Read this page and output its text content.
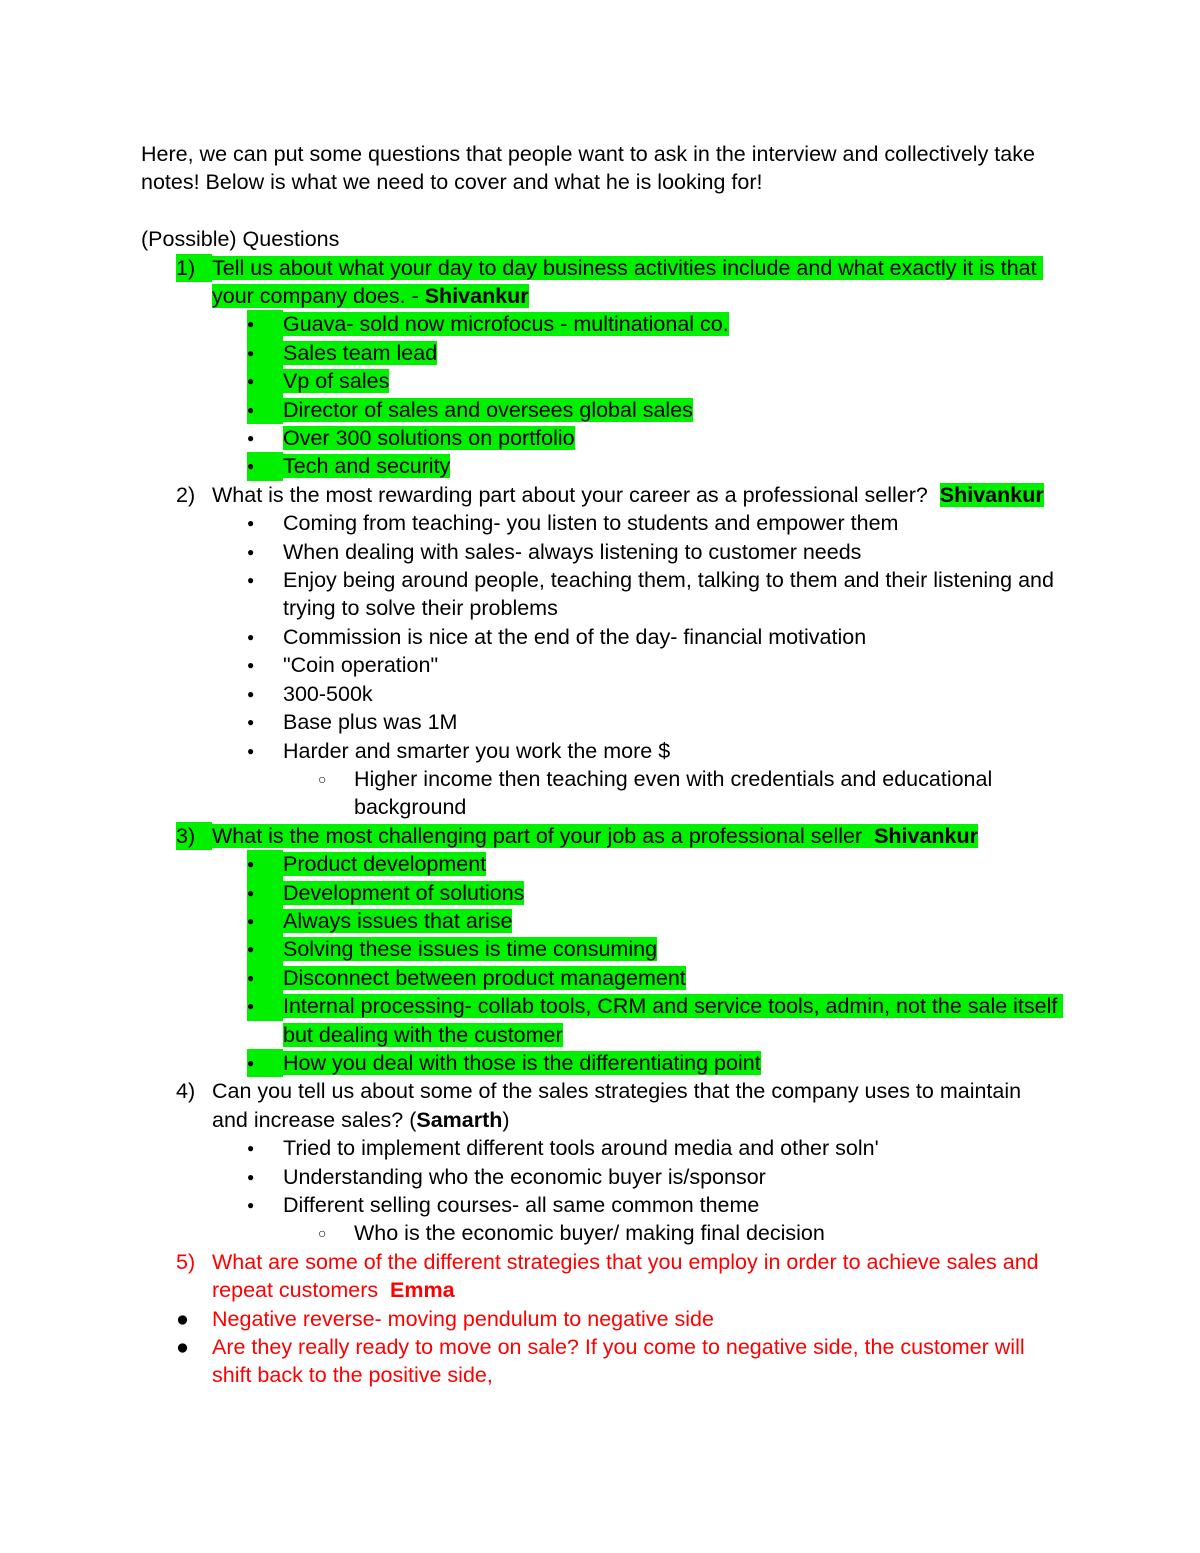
Here, we can put some questions that people want to ask in the interview and collectively take notes! Below is what we need to cover and what he is looking for!
(Possible) Questions
1) Tell us about what your day to day business activities include and what exactly it is that your company does. - Shivankur
●	Guava- sold now microfocus - multinational co.
●	Sales team lead
●	Vp of sales
●	Director of sales and oversees global sales
●	Over 300 solutions on portfolio
●	Tech and security
2) What is the most rewarding part about your career as a professional seller?  Shivankur
●	Coming from teaching- you listen to students and empower them
●	When dealing with sales- always listening to customer needs
●	Enjoy being around people, teaching them, talking to them and their listening and trying to solve their problems
●	Commission is nice at the end of the day- financial motivation
●	"Coin operation"
●	300-500k
●	Base plus was 1M
●	Harder and smarter you work the more $
○	Higher income then teaching even with credentials and educational background
3) What is the most challenging part of your job as a professional seller  Shivankur
●	Product development
●	Development of solutions
●	Always issues that arise
●	Solving these issues is time consuming
●	Disconnect between product management
●	Internal processing- collab tools, CRM and service tools, admin, not the sale itself but dealing with the customer
●	How you deal with those is the differentiating point
4) Can you tell us about some of the sales strategies that the company uses to maintain and increase sales? (Samarth)
●	Tried to implement different tools around media and other soln'
●	Understanding who the economic buyer is/sponsor
●	Different selling courses- all same common theme
○	Who is the economic buyer/ making final decision
5) What are some of the different strategies that you employ in order to achieve sales and repeat customers  Emma
●	Negative reverse- moving pendulum to negative side
●	Are they really ready to move on sale? If you come to negative side, the customer will shift back to the positive side,
